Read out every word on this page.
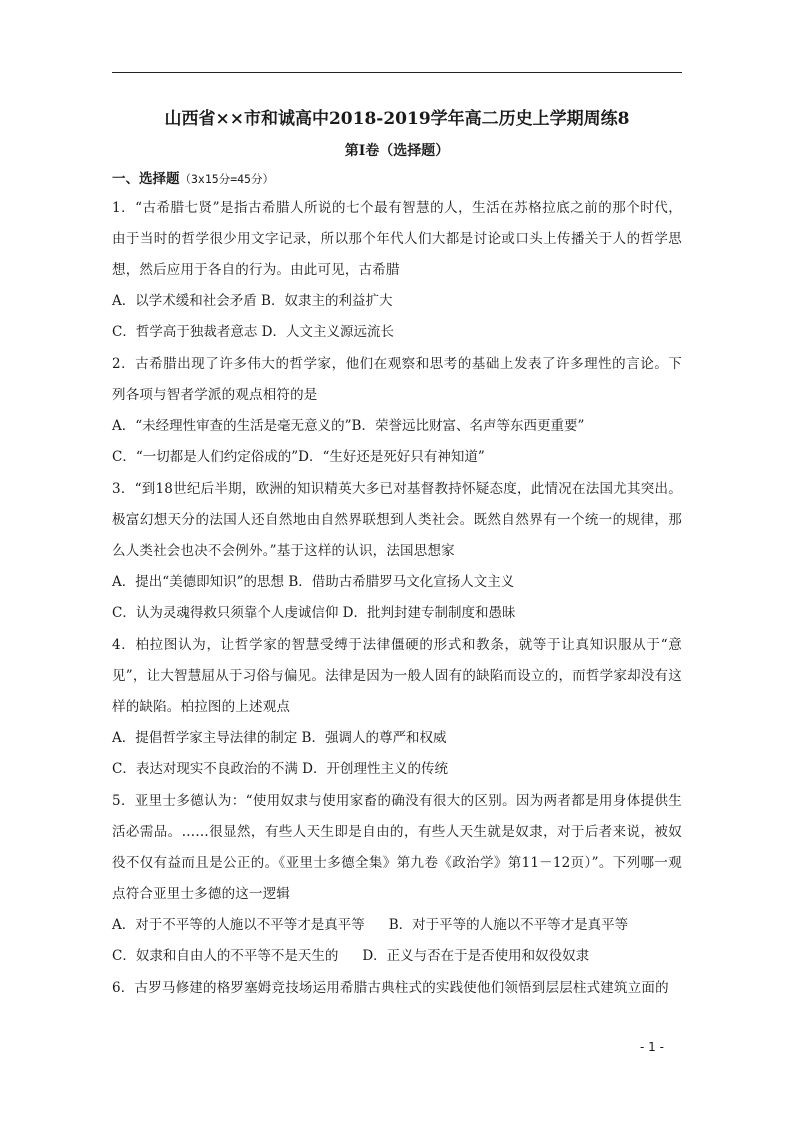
山西省××市和诚高中2018-2019学年高二历史上学期周练8
第Ⅰ卷（选择题）
一、选择题（3x15分=45分）
1．“古希腊七贤”是指古希腊人所说的七个最有智慧的人，生活在苏格拉底之前的那个时代，由于当时的哲学很少用文字记录，所以那个年代人们大都是讨论或口头上传播关于人的哲学思想，然后应用于各自的行为。由此可见，古希腊
A．以学术缓和社会矛盾 B．奴隶主的利益扩大
C．哲学高于独裁者意志 D．人文主义源远流长
2．古希腊出现了许多伟大的哲学家，他们在观察和思考的基础上发表了许多理性的言论。下列各项与智者学派的观点相符的是
A．“未经理性审查的生活是毫无意义的”B．荣誉远比财富、名声等东西更重要”
C．“一切都是人们约定俗成的”D．“生好还是死好只有神知道”
3．“到18世纪后半期，欧洲的知识精英大多已对基督教持怀疑态度，此情况在法国尤其突出。极富幻想天分的法国人还自然地由自然界联想到人类社会。既然自然界有一个统一的规律，那么人类社会也决不会例外。”基于这样的认识，法国思想家
A．提出“美德即知识”的思想 B．借助古希腊罗马文化宣扬人文主义
C．认为灵魂得救只须靠个人虔诚信仰 D．批判封建专制制度和愚昧
4．柏拉图认为，让哲学家的智慧受缚于法律僵硬的形式和教条，就等于让真知识服从于“意见”，让大智慧屈从于习俗与偏见。法律是因为一般人固有的缺陷而设立的，而哲学家却没有这样的缺陷。柏拉图的上述观点
A．提倡哲学家主导法律的制定 B．强调人的尊严和权威
C．表达对现实不良政治的不满 D．开创理性主义的传统
5．亚里士多德认为：“使用奴隶与使用家畜的确没有很大的区别。因为两者都是用身体提供生活必需品。……很显然，有些人天生即是自由的，有些人天生就是奴隶，对于后者来说，被奴役不仅有益而且是公正的。《亚里士多德全集》第九卷《政治学》第11－12页）”。下列哪一观点符合亚里士多德的这一逻辑
A．对于不平等的人施以不平等才是真平等 B．对于平等的人施以不平等才是真平等
C．奴隶和自由人的不平等不是天生的 D．正义与否在于是否使用和奴役奴隶
6．古罗马修建的格罗塞姆竞技场运用希腊古典柱式的实践使他们领悟到层层柱式建筑立面的
- 1 -
